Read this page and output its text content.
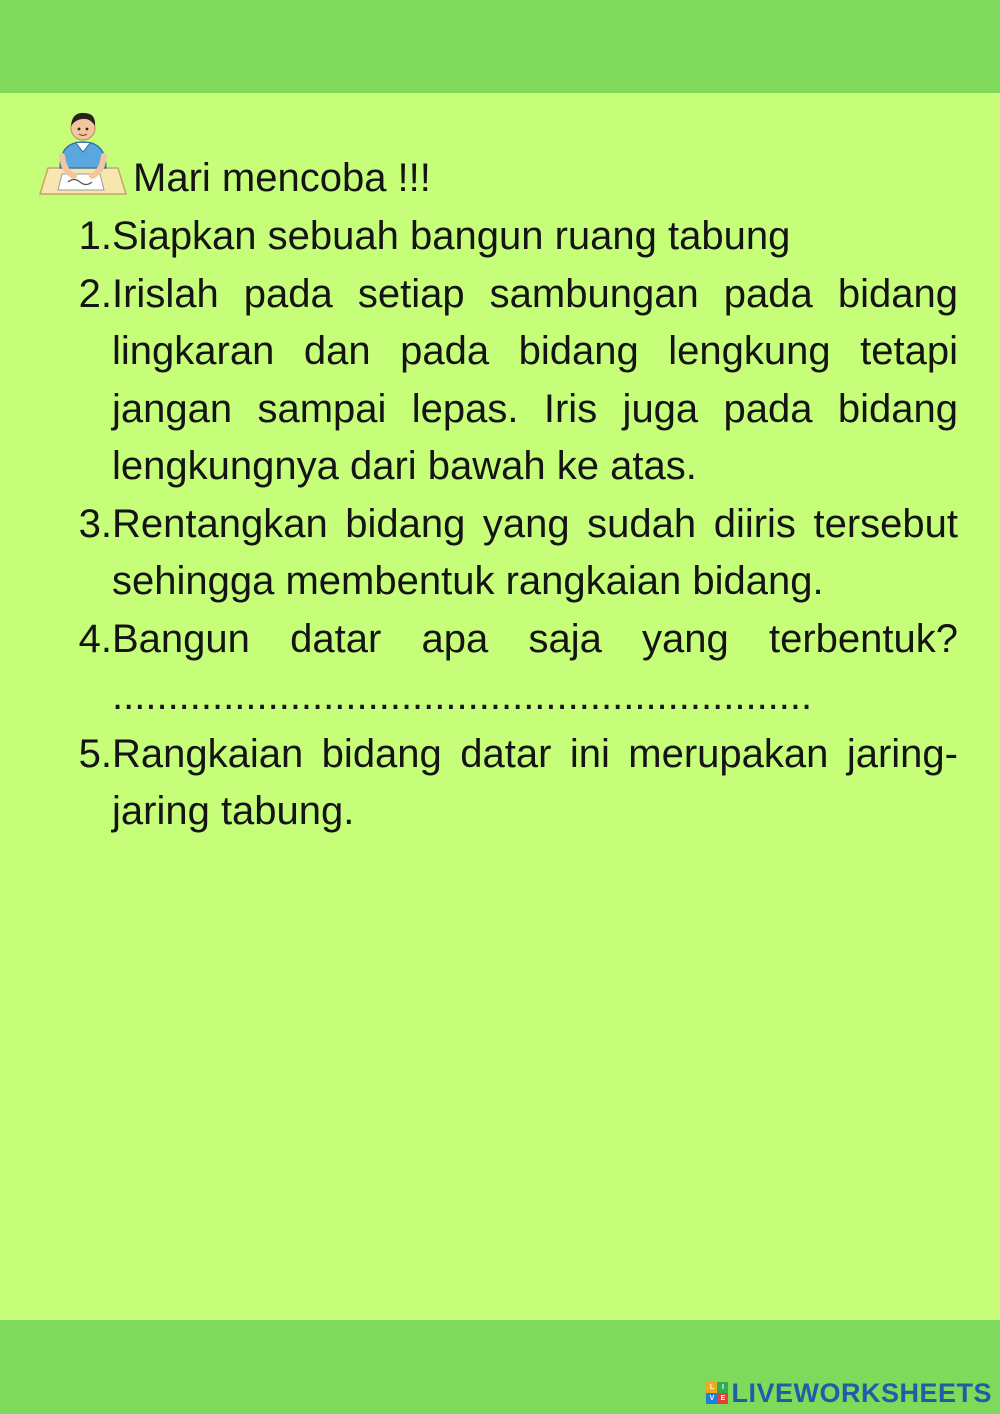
Mari mencoba !!!
1. Siapkan sebuah bangun ruang tabung
2. Irislah pada setiap sambungan pada bidang lingkaran dan pada bidang lengkung tetapi jangan sampai lepas. Iris juga pada bidang lengkungnya dari bawah ke atas.
3. Rentangkan bidang yang sudah diiris tersebut sehingga membentuk rangkaian bidang.
4. Bangun datar apa saja yang terbentuk?...............................................................
5. Rangkaian bidang datar ini merupakan jaring-jaring tabung.
L	I
V E LIVEWORKSHEETS
